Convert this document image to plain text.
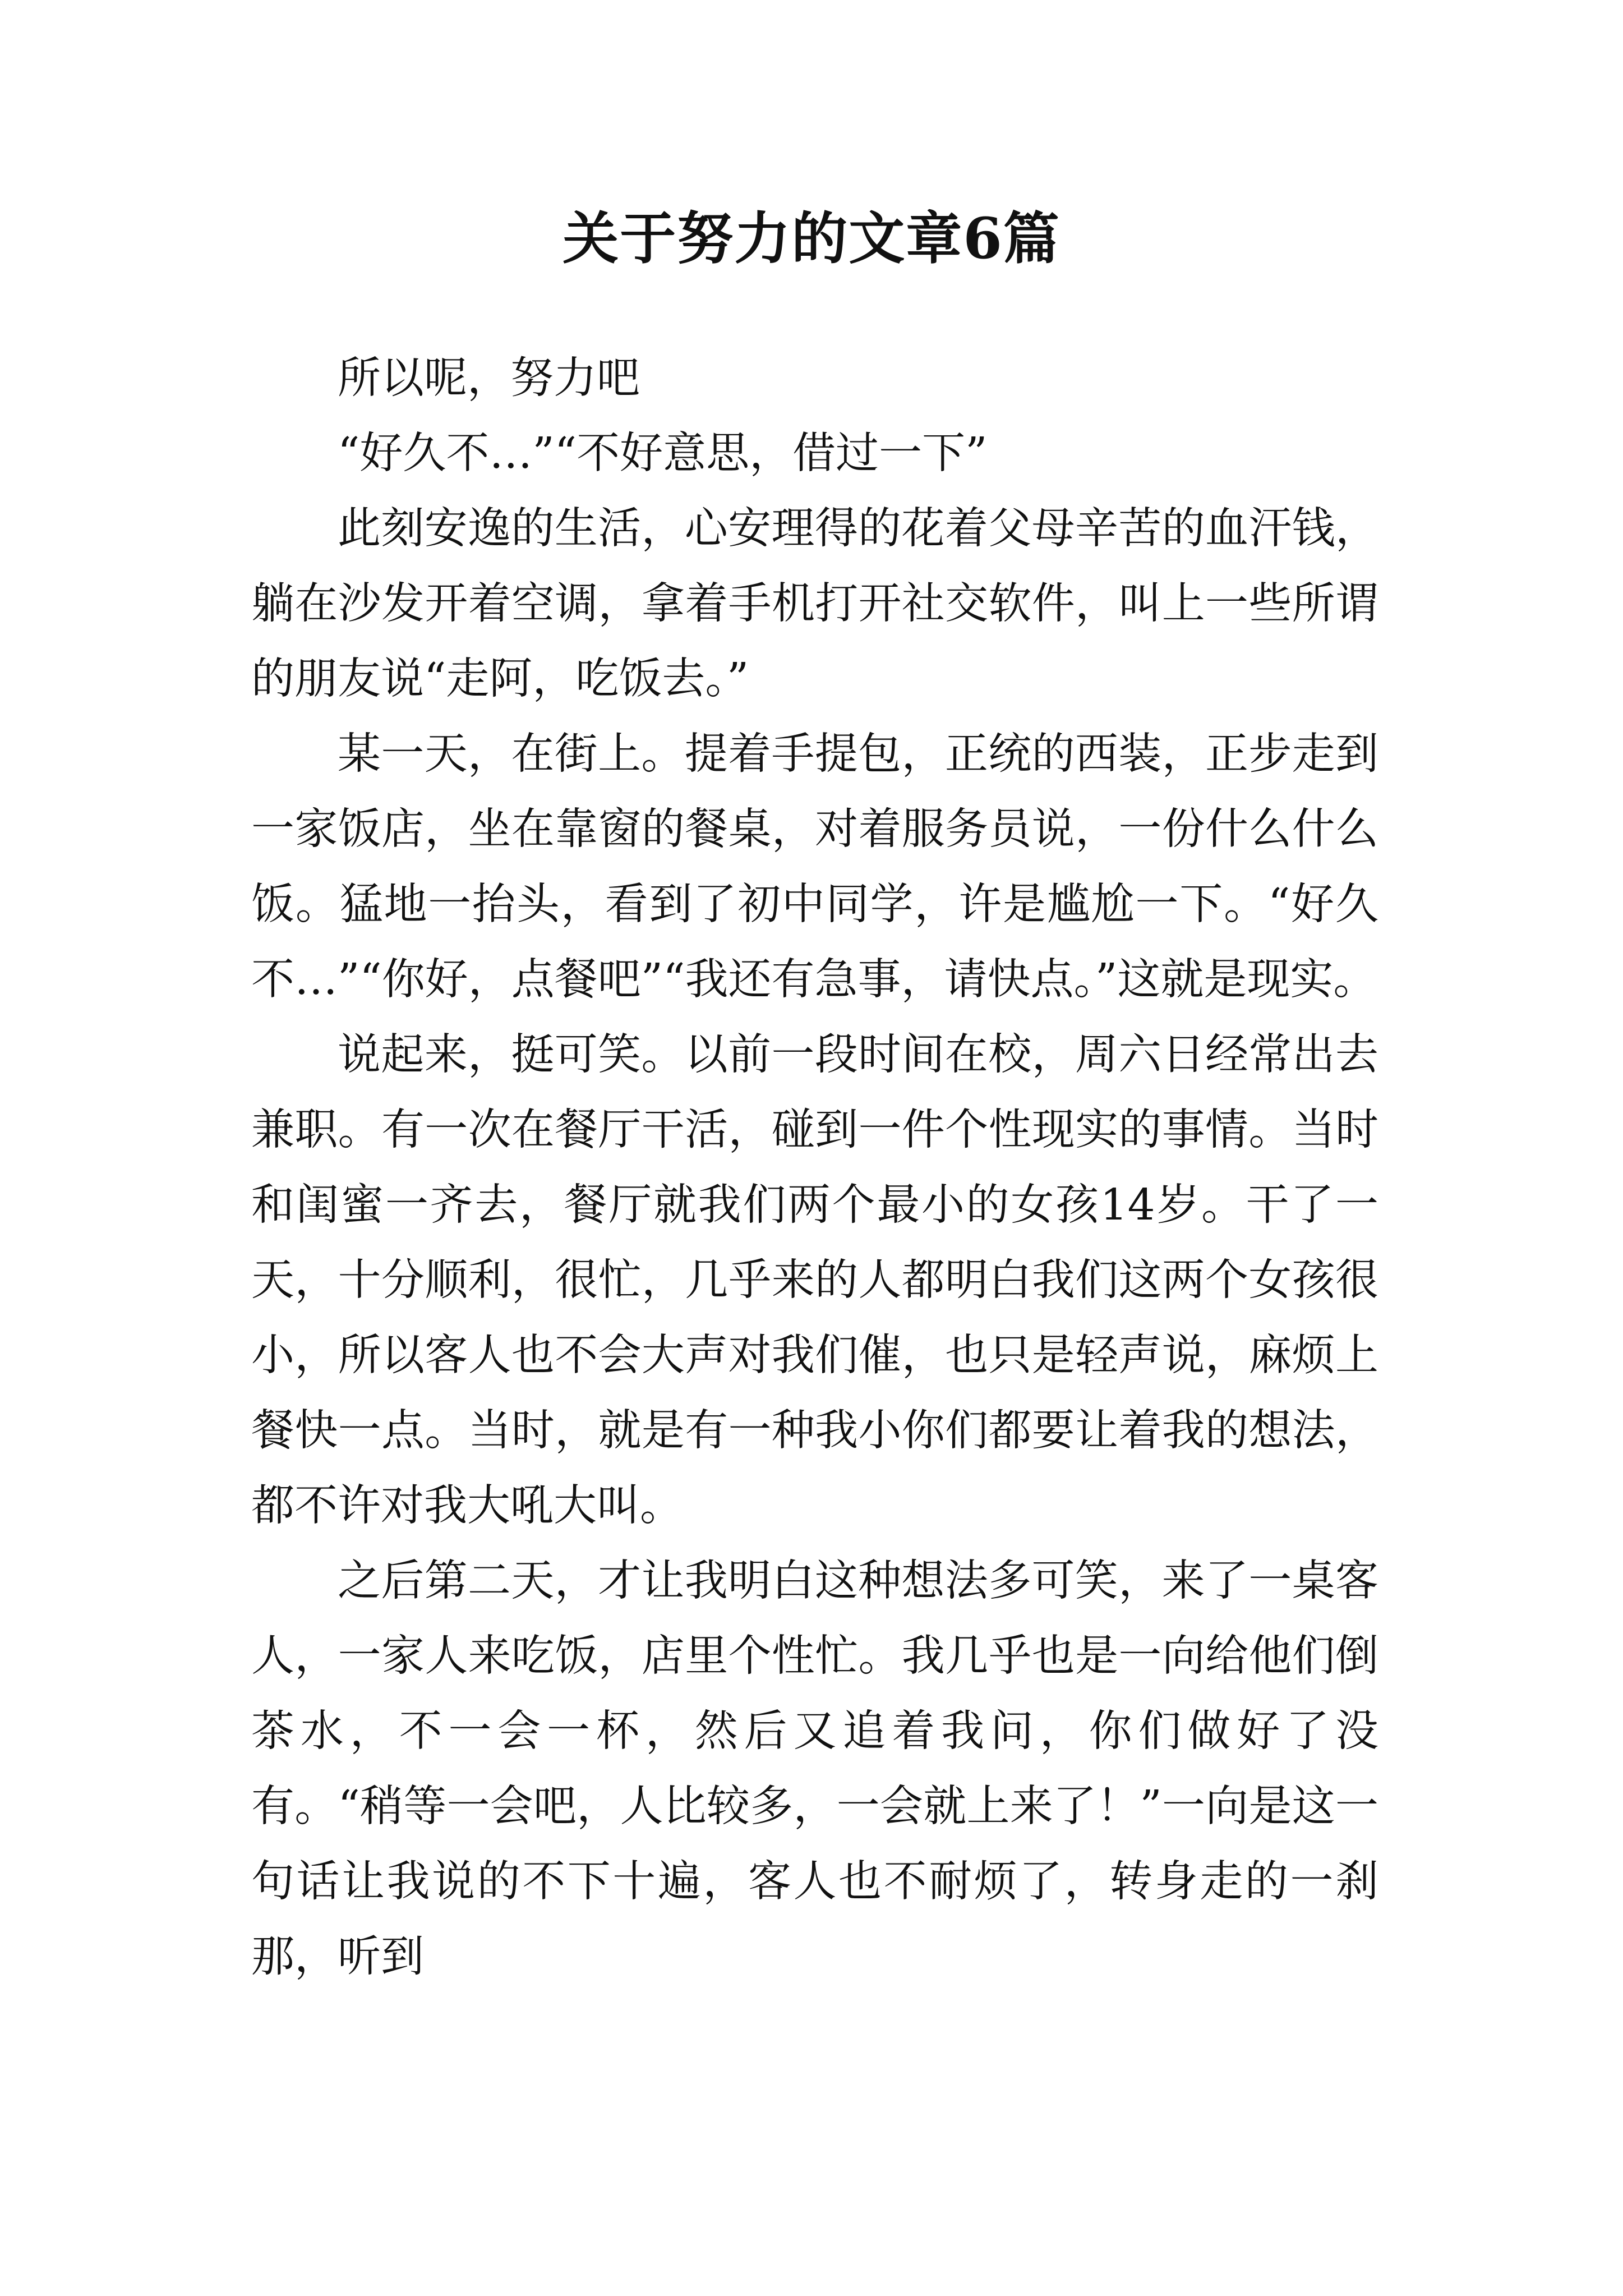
关于努力的文章6篇

所以呢，努力吧

“好久不…”“不好意思，借过一下”

此刻安逸的生活，心安理得的花着父母辛苦的血汗钱，躺在沙发开着空调，拿着手机打开社交软件，叫上一些所谓的朋友说“走阿，吃饭去。”

某一天，在街上。提着手提包，正统的西装，正步走到一家饭店，坐在靠窗的餐桌，对着服务员说，一份什么什么饭。猛地一抬头，看到了初中同学，许是尴尬一下。“好久不…”“你好，点餐吧”“我还有急事，请快点。”这就是现实。

说起来，挺可笑。以前一段时间在校，周六日经常出去兼职。有一次在餐厅干活，碰到一件个性现实的事情。当时和闺蜜一齐去，餐厅就我们两个最小的女孩14岁。干了一天，十分顺利，很忙，几乎来的人都明白我们这两个女孩很小，所以客人也不会大声对我们催，也只是轻声说，麻烦上餐快一点。当时，就是有一种我小你们都要让着我的想法，都不许对我大吼大叫。

之后第二天，才让我明白这种想法多可笑，来了一桌客人，一家人来吃饭，店里个性忙。我几乎也是一向给他们倒茶水，不一会一杯，然后又追着我问，你们做好了没有。“稍等一会吧，人比较多，一会就上来了！”一向是这一句话让我说的不下十遍，客人也不耐烦了，转身走的一刹那，听到
